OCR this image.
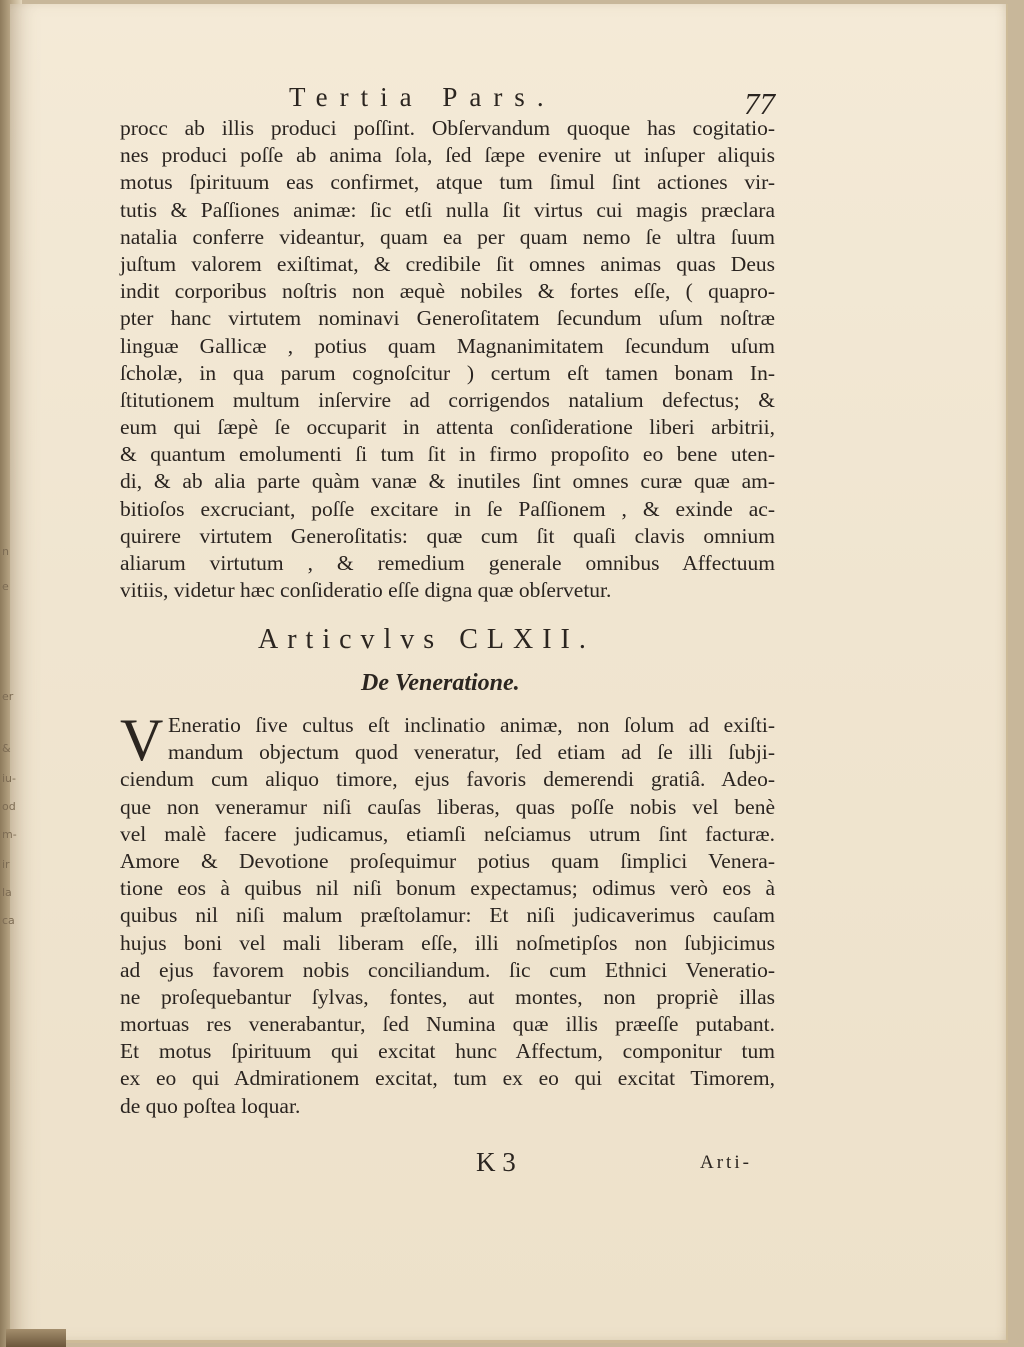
Tertia Pars.	77
procc ab illis produci poſſint. Obſervandum quoque has cogitatio-
nes produci poſſe ab anima ſola, ſed ſæpe evenire ut inſuper aliquis
motus ſpirituum eas confirmet, atque tum ſimul ſint actiones vir-
tutis & Paſſiones animæ: ſic etſi nulla ſit virtus cui magis præclara
natalia conferre videantur, quam ea per quam nemo ſe ultra ſuum
juſtum valorem exiſtimat, & credibile ſit omnes animas quas Deus
indit corporibus noſtris non æquè nobiles & fortes eſſe, ( quapro-
pter hanc virtutem nominavi Generoſitatem ſecundum uſum noſtræ
linguæ Gallicæ , potius quam Magnanimitatem ſecundum uſum
ſcholæ, in qua parum cognoſcitur ) certum eſt tamen bonam In-
ſtitutionem multum inſervire ad corrigendos natalium defectus; &
eum qui ſæpè ſe occuparit in attenta conſideratione liberi arbitrii,
& quantum emolumenti ſi tum ſit in firmo propoſito eo bene uten-
di, & ab alia parte quàm vanæ & inutiles ſint omnes curæ quæ am-
bitioſos excruciant, poſſe excitare in ſe Paſſionem , & exinde ac-
quirere virtutem Generoſitatis: quæ cum ſit quaſi clavis omnium
aliarum virtutum , & remedium generale omnibus Affectuum
vitiis, videtur hæc conſideratio eſſe digna quæ obſervetur.
Articvlvs CLXII.
De Veneratione.
V Eneratio ſive cultus eſt inclinatio animæ, non ſolum ad exiſti-
mandum objectum quod veneratur, ſed etiam ad ſe illi ſubji-
ciendum cum aliquo timore, ejus favoris demerendi gratiâ. Adeo-
que non veneramur niſi cauſas liberas, quas poſſe nobis vel benè
vel malè facere judicamus, etiamſi neſciamus utrum ſint facturæ.
Amore & Devotione proſequimur potius quam ſimplici Venera-
tione eos à quibus nil niſi bonum expectamus; odimus verò eos à
quibus nil niſi malum præſtolamur: Et niſi judicaverimus cauſam
hujus boni vel mali liberam eſſe, illi noſmetipſos non ſubjicimus
ad ejus favorem nobis conciliandum. ſic cum Ethnici Veneratio-
ne proſequebantur ſylvas, fontes, aut montes, non propriè illas
mortuas res venerabantur, ſed Numina quæ illis præeſſe putabant.
Et motus ſpirituum qui excitat hunc Affectum, componitur tum
ex eo qui Admirationem excitat, tum ex eo qui excitat Timorem,
de quo poſtea loquar.
K 3	Arti-
n
e
er
&
iu-
od
m-
ir
la
ca
